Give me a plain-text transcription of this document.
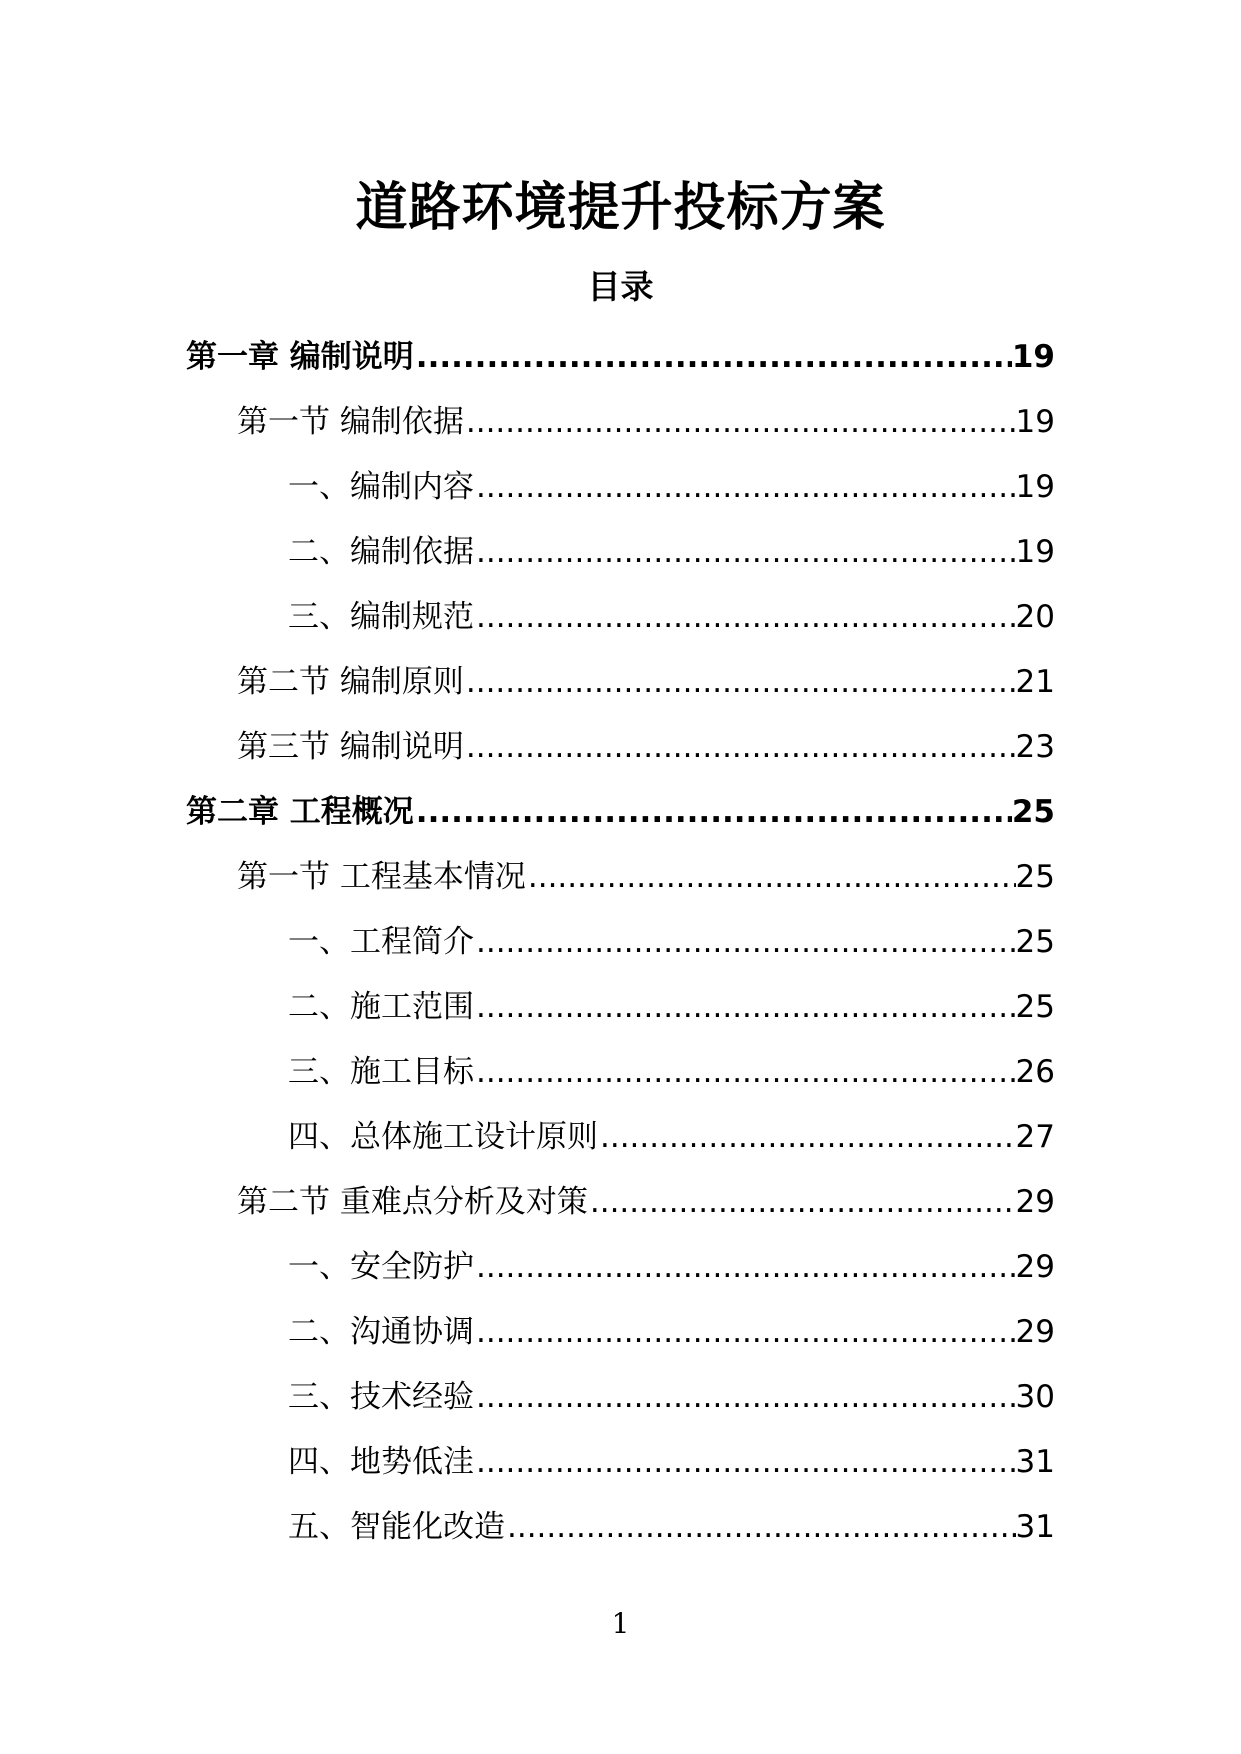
道路环境提升投标方案
目录
第一章 编制说明 .....	19
第一节 编制依据 .....	19
一、编制内容 .....	19
二、编制依据 .....	19
三、编制规范 .....	20
第二节 编制原则 .....	21
第三节 编制说明 .....	23
第二章 工程概况 .....	25
第一节 工程基本情况 .....	25
一、工程简介 .....	25
二、施工范围 .....	25
三、施工目标 .....	26
四、总体施工设计原则 .....	27
第二节 重难点分析及对策 .....	29
一、安全防护 .....	29
二、沟通协调 .....	29
三、技术经验 .....	30
四、地势低洼 .....	31
五、智能化改造 .....	31
1
